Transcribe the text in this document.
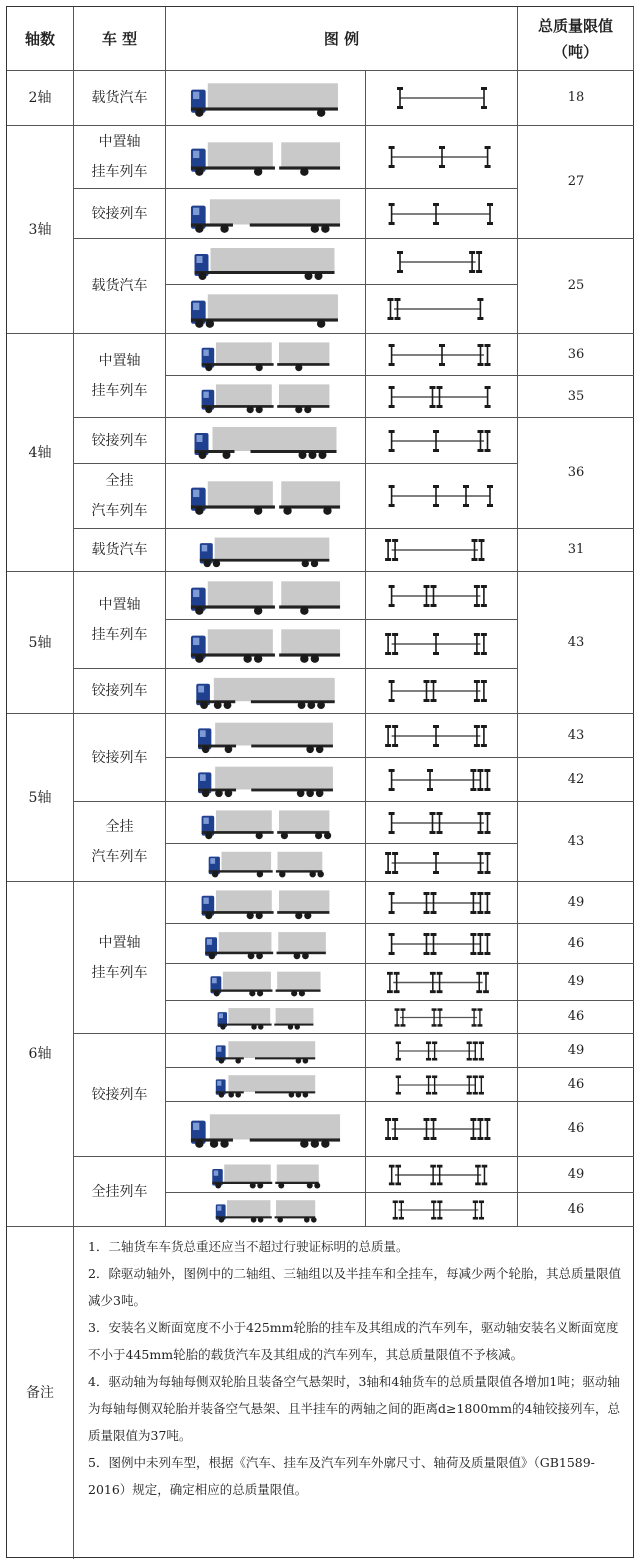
轴数	车 型	图 例
总质量限值
（吨）
2轴
3轴
4轴
5轴
5轴
6轴
载货汽车
中置轴
挂车列车
铰接列车
载货汽车
中置轴
挂车列车
铰接列车
全挂
汽车列车
载货汽车
中置轴
挂车列车
铰接列车
铰接列车
全挂
汽车列车
中置轴
挂车列车
铰接列车
全挂列车
18
27
25
36
35
36
31
43
43
42
43
49
46
49
46
49
46
46
49
46
备注
1．二轴货车车货总重还应当不超过行驶证标明的总质量。
2．除驱动轴外，图例中的二轴组、三轴组以及半挂车和全挂车，每减少两个轮胎，其总质量限值减少3吨。
3．安装名义断面宽度不小于425mm轮胎的挂车及其组成的汽车列车，驱动轴安装名义断面宽度不小于445mm轮胎的载货汽车及其组成的汽车列车，其总质量限值不予核减。
4．驱动轴为每轴每侧双轮胎且装备空气悬架时，3轴和4轴货车的总质量限值各增加1吨；驱动轴为每轴每侧双轮胎并装备空气悬架、且半挂车的两轴之间的距离d≥1800mm的4轴铰接列车，总质量限值为37吨。
5．图例中未列车型，根据《汽车、挂车及汽车列车外廓尺寸、轴荷及质量限值》（GB1589-2016）规定，确定相应的总质量限值。
